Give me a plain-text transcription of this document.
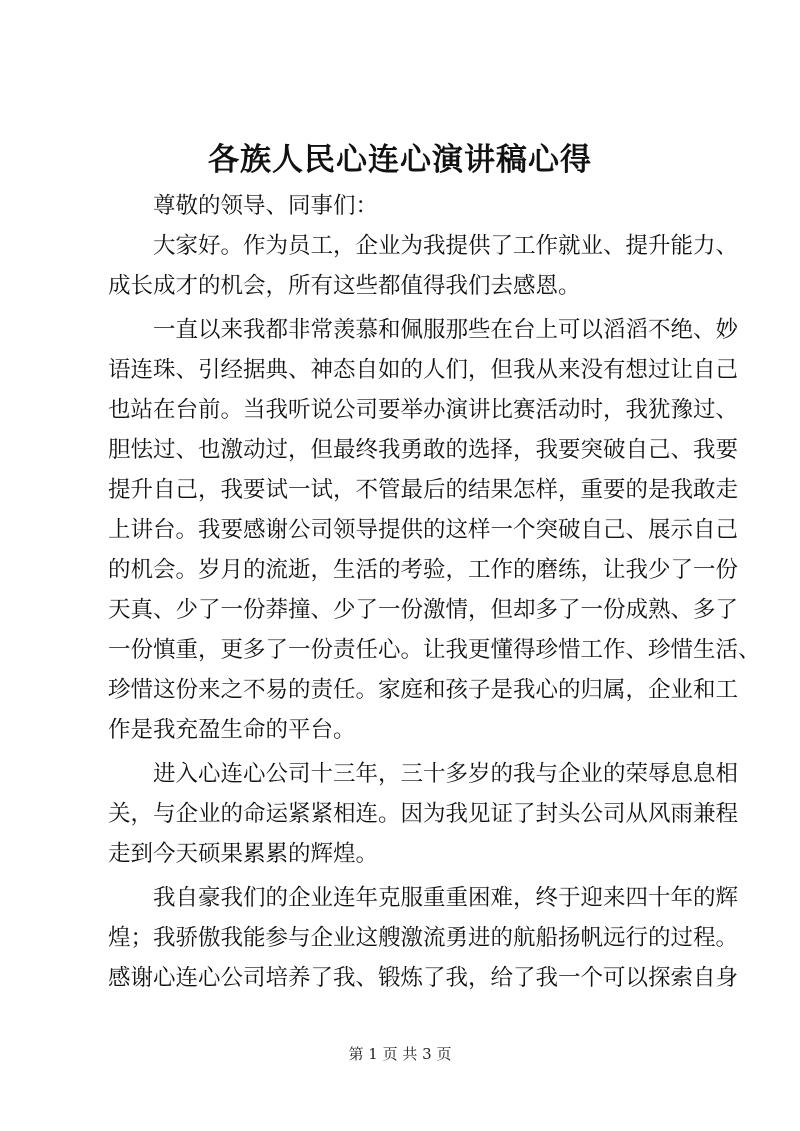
各族人民心连心演讲稿心得
尊敬的领导、同事们：
大家好。作为员工，企业为我提供了工作就业、提升能力、
成长成才的机会，所有这些都值得我们去感恩。
一直以来我都非常羡慕和佩服那些在台上可以滔滔不绝、妙
语连珠、引经据典、神态自如的人们，但我从来没有想过让自己
也站在台前。当我听说公司要举办演讲比赛活动时，我犹豫过、
胆怯过、也激动过，但最终我勇敢的选择，我要突破自己、我要
提升自己，我要试一试，不管最后的结果怎样，重要的是我敢走
上讲台。我要感谢公司领导提供的这样一个突破自己、展示自己
的机会。岁月的流逝，生活的考验，工作的磨练，让我少了一份
天真、少了一份莽撞、少了一份激情，但却多了一份成熟、多了
一份慎重，更多了一份责任心。让我更懂得珍惜工作、珍惜生活、
珍惜这份来之不易的责任。家庭和孩子是我心的归属，企业和工
作是我充盈生命的平台。
进入心连心公司十三年，三十多岁的我与企业的荣辱息息相
关，与企业的命运紧紧相连。因为我见证了封头公司从风雨兼程
走到今天硕果累累的辉煌。
我自豪我们的企业连年克服重重困难，终于迎来四十年的辉
煌；我骄傲我能参与企业这艘激流勇进的航船扬帆远行的过程。
感谢心连心公司培养了我、锻炼了我，给了我一个可以探索自身
第 1 页 共 3 页
